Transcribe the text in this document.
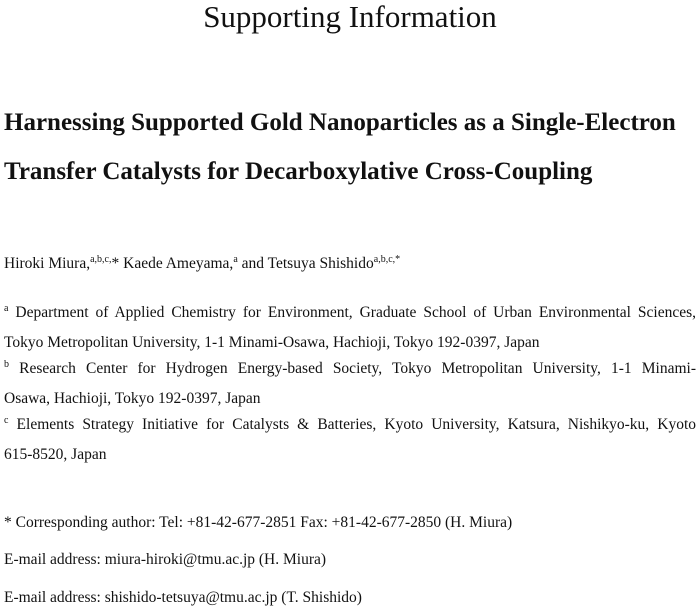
Supporting Information
Harnessing Supported Gold Nanoparticles as a Single-Electron
Transfer Catalysts for Decarboxylative Cross-Coupling
Hiroki Miura,$^{a,b,c,}$* Kaede Ameyama,$^a$ and Tetsuya Shishido$^{a,b,c,*}$
$^a$ Department of Applied Chemistry for Environment, Graduate School of Urban Environmental Sciences,
Tokyo Metropolitan University, 1-1 Minami-Osawa, Hachioji, Tokyo 192-0397, Japan
$^b$ Research Center for Hydrogen Energy-based Society, Tokyo Metropolitan University, 1-1 Minami-
Osawa, Hachioji, Tokyo 192-0397, Japan
$^c$ Elements Strategy Initiative for Catalysts & Batteries, Kyoto University, Katsura, Nishikyo-ku, Kyoto
615-8520, Japan
* Corresponding author: Tel: +81-42-677-2851 Fax: +81-42-677-2850 (H. Miura)
E-mail address: miura-hiroki@tmu.ac.jp (H. Miura)
E-mail address: shishido-tetsuya@tmu.ac.jp (T. Shishido)
